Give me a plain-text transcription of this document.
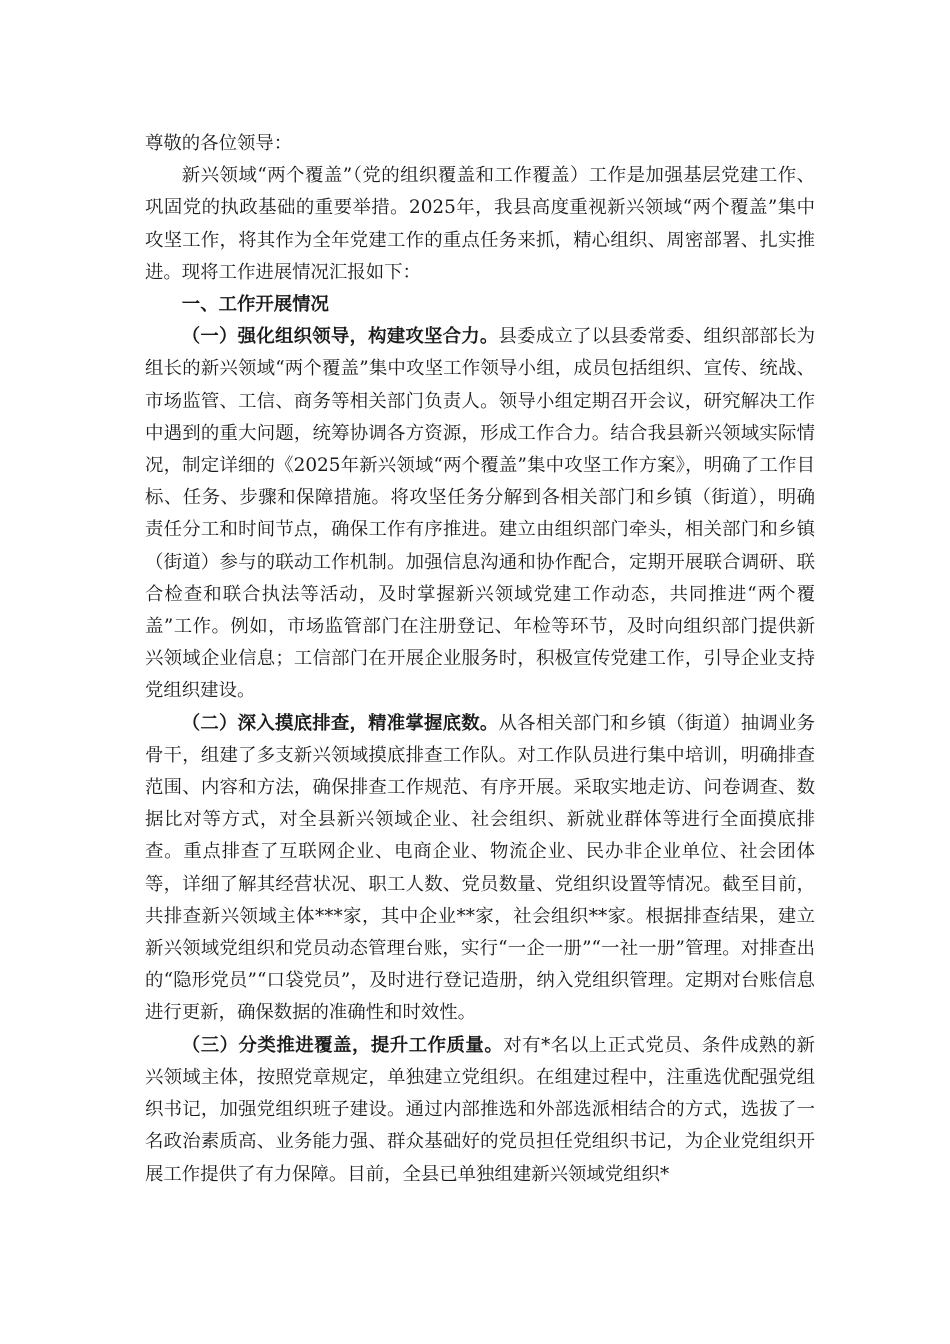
尊敬的各位领导：

新兴领域“两个覆盖”（党的组织覆盖和工作覆盖）工作是加强基层党建工作、巩固党的执政基础的重要举措。2025年，我县高度重视新兴领域“两个覆盖”集中攻坚工作，将其作为全年党建工作的重点任务来抓，精心组织、周密部署、扎实推进。现将工作进展情况汇报如下：

一、工作开展情况

（一）强化组织领导，构建攻坚合力。县委成立了以县委常委、组织部部长为组长的新兴领域“两个覆盖”集中攻坚工作领导小组，成员包括组织、宣传、统战、市场监管、工信、商务等相关部门负责人。领导小组定期召开会议，研究解决工作中遇到的重大问题，统筹协调各方资源，形成工作合力。结合我县新兴领域实际情况，制定详细的《2025年新兴领域“两个覆盖”集中攻坚工作方案》，明确了工作目标、任务、步骤和保障措施。将攻坚任务分解到各相关部门和乡镇（街道），明确责任分工和时间节点，确保工作有序推进。建立由组织部门牵头，相关部门和乡镇（街道）参与的联动工作机制。加强信息沟通和协作配合，定期开展联合调研、联合检查和联合执法等活动，及时掌握新兴领域党建工作动态，共同推进“两个覆盖”工作。例如，市场监管部门在注册登记、年检等环节，及时向组织部门提供新兴领域企业信息；工信部门在开展企业服务时，积极宣传党建工作，引导企业支持党组织建设。

（二）深入摸底排查，精准掌握底数。从各相关部门和乡镇（街道）抽调业务骨干，组建了多支新兴领域摸底排查工作队。对工作队员进行集中培训，明确排查范围、内容和方法，确保排查工作规范、有序开展。采取实地走访、问卷调查、数据比对等方式，对全县新兴领域企业、社会组织、新就业群体等进行全面摸底排查。重点排查了互联网企业、电商企业、物流企业、民办非企业单位、社会团体等，详细了解其经营状况、职工人数、党员数量、党组织设置等情况。截至目前，共排查新兴领域主体***家，其中企业**家，社会组织**家。根据排查结果，建立新兴领域党组织和党员动态管理台账，实行“一企一册”“一社一册”管理。对排查出的“隐形党员”“口袋党员”，及时进行登记造册，纳入党组织管理。定期对台账信息进行更新，确保数据的准确性和时效性。

（三）分类推进覆盖，提升工作质量。对有*名以上正式党员、条件成熟的新兴领域主体，按照党章规定，单独建立党组织。在组建过程中，注重选优配强党组织书记，加强党组织班子建设。通过内部推选和外部选派相结合的方式，选拔了一名政治素质高、业务能力强、群众基础好的党员担任党组织书记，为企业党组织开展工作提供了有力保障。目前，全县已单独组建新兴领域党组织*
